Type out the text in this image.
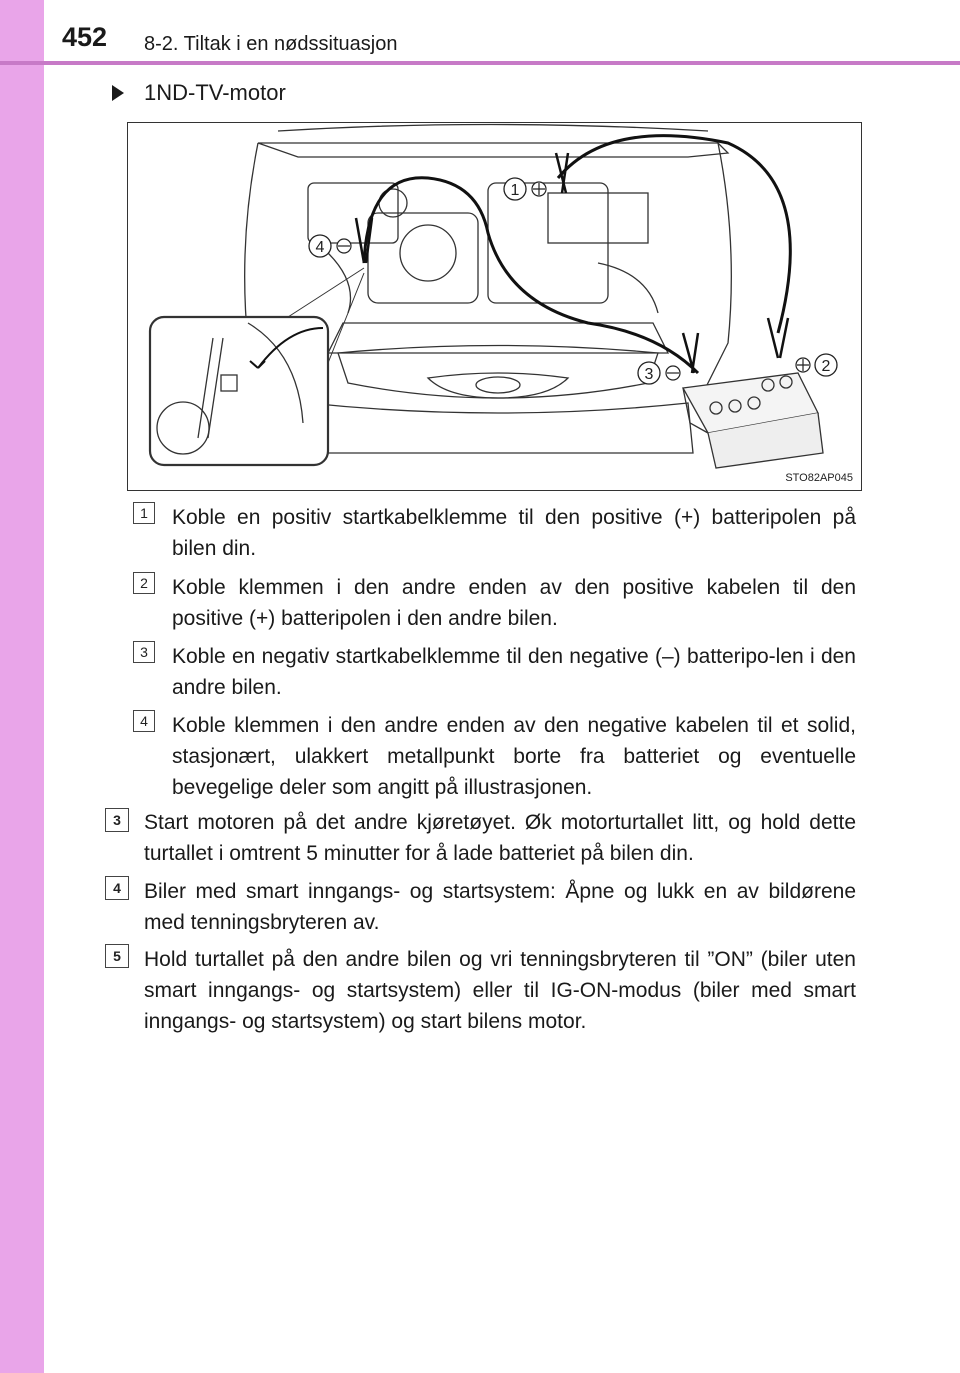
452 8-2. Tiltak i en nødssituasjon
1ND-TV-motor
1
2
3
4
STO82AP045
1	Koble en positiv startkabelklemme til den positive (+) batteripolen på bilen din.
2	Koble klemmen i den andre enden av den positive kabelen til den positive (+) batteripolen i den andre bilen.
3	Koble en negativ startkabelklemme til den negative (–) batteripo-len i den andre bilen.
4	Koble klemmen i den andre enden av den negative kabelen til et solid, stasjonært, ulakkert metallpunkt borte fra batteriet og eventuelle bevegelige deler som angitt på illustrasjonen.
3	Start motoren på det andre kjøretøyet. Øk motorturtallet litt, og hold dette turtallet i omtrent 5 minutter for å lade batteriet på bilen din.
4	Biler med smart inngangs- og startsystem: Åpne og lukk en av bildørene med tenningsbryteren av.
5	Hold turtallet på den andre bilen og vri tenningsbryteren til ”ON” (biler uten smart inngangs- og startsystem) eller til IG-ON-modus (biler med smart inngangs- og startsystem) og start bilens motor.
